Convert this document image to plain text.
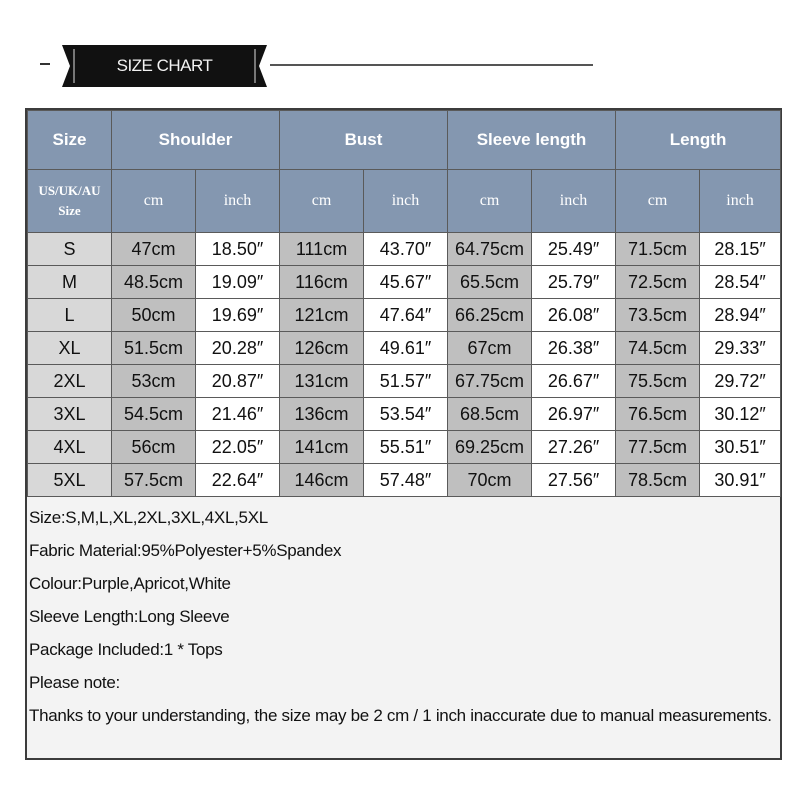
SIZE CHART
Size	Shoulder		Bust		Sleeve length		Length	

US/UK/AU
Size	cm	inch	cm	inch	cm	inch	cm	inch
S	47cm	18.50″	111cm	43.70″	64.75cm	25.49″	71.5cm	28.15″
M	48.5cm	19.09″	116cm	45.67″	65.5cm	25.79″	72.5cm	28.54″
L	50cm	19.69″	121cm	47.64″	66.25cm	26.08″	73.5cm	28.94″
XL	51.5cm	20.28″	126cm	49.61″	67cm	26.38″	74.5cm	29.33″
2XL	53cm	20.87″	131cm	51.57″	67.75cm	26.67″	75.5cm	29.72″
3XL	54.5cm	21.46″	136cm	53.54″	68.5cm	26.97″	76.5cm	30.12″
4XL	56cm	22.05″	141cm	55.51″	69.25cm	27.26″	77.5cm	30.51″
5XL	57.5cm	22.64″	146cm	57.48″	70cm	27.56″	78.5cm	30.91″
Size:S,M,L,XL,2XL,3XL,4XL,5XL
Fabric Material:95%Polyester+5%Spandex
Colour:Purple,Apricot,White
Sleeve Length:Long Sleeve
Package Included:1 * Tops
Please note:
Thanks to your understanding, the size may be 2 cm / 1 inch inaccurate due to manual measurements.
